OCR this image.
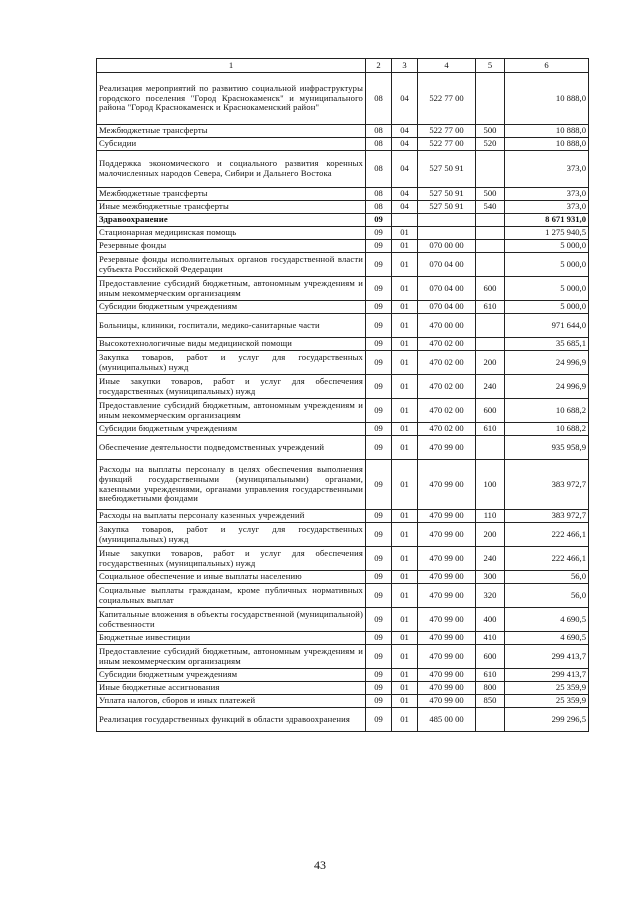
1	2	3	4	5	6
Реализация мероприятий по развитию социальной инфраструктуры городского поселения "Город Краснокаменск" и муниципального района "Город Краснокаменск и Краснокаменский район"	08	04	522 77 00		10 888,0
Межбюджетные трансферты	08	04	522 77 00	500	10 888,0
Субсидии	08	04	522 77 00	520	10 888,0
Поддержка экономического и социального развития коренных малочисленных народов Севера, Сибири и Дальнего Востока	08	04	527 50 91		373,0
Межбюджетные трансферты	08	04	527 50 91	500	373,0
Иные межбюджетные трансферты	08	04	527 50 91	540	373,0
Здравоохранение	09				8 671 931,0
Стационарная медицинская помощь	09	01			1 275 940,5
Резервные фонды	09	01	070 00 00		5 000,0
Резервные фонды исполнительных органов государственной власти субъекта Российской Федерации	09	01	070 04 00		5 000,0
Предоставление субсидий бюджетным, автономным учреждениям и иным некоммерческим организациям	09	01	070 04 00	600	5 000,0
Субсидии бюджетным учреждениям	09	01	070 04 00	610	5 000,0
Больницы, клиники, госпитали, медико-санитарные части	09	01	470 00 00		971 644,0
Высокотехнологичные виды медицинской помощи	09	01	470 02 00		35 685,1
Закупка товаров, работ и услуг для государственных (муниципальных) нужд	09	01	470 02 00	200	24 996,9
Иные закупки товаров, работ и услуг для обеспечения государственных (муниципальных) нужд	09	01	470 02 00	240	24 996,9
Предоставление субсидий бюджетным, автономным учреждениям и иным некоммерческим организациям	09	01	470 02 00	600	10 688,2
Субсидии бюджетным учреждениям	09	01	470 02 00	610	10 688,2
Обеспечение деятельности подведомственных учреждений	09	01	470 99 00		935 958,9
Расходы на выплаты персоналу в целях обеспечения выполнения функций государственными (муниципальными) органами, казенными учреждениями, органами управления государственными внебюджетными фондами	09	01	470 99 00	100	383 972,7
Расходы на выплаты персоналу казенных учреждений	09	01	470 99 00	110	383 972,7
Закупка товаров, работ и услуг для государственных (муниципальных) нужд	09	01	470 99 00	200	222 466,1
Иные закупки товаров, работ и услуг для обеспечения государственных (муниципальных) нужд	09	01	470 99 00	240	222 466,1
Социальное обеспечение и иные выплаты населению	09	01	470 99 00	300	56,0
Социальные выплаты гражданам, кроме публичных нормативных социальных выплат	09	01	470 99 00	320	56,0
Капитальные вложения в объекты государственной (муниципальной) собственности	09	01	470 99 00	400	4 690,5
Бюджетные инвестиции	09	01	470 99 00	410	4 690,5
Предоставление субсидий бюджетным, автономным учреждениям и иным некоммерческим организациям	09	01	470 99 00	600	299 413,7
Субсидии бюджетным учреждениям	09	01	470 99 00	610	299 413,7
Иные бюджетные ассигнования	09	01	470 99 00	800	25 359,9
Уплата налогов, сборов и иных платежей	09	01	470 99 00	850	25 359,9
Реализация государственных функций в области здравоохранения	09	01	485 00 00		299 296,5
43
